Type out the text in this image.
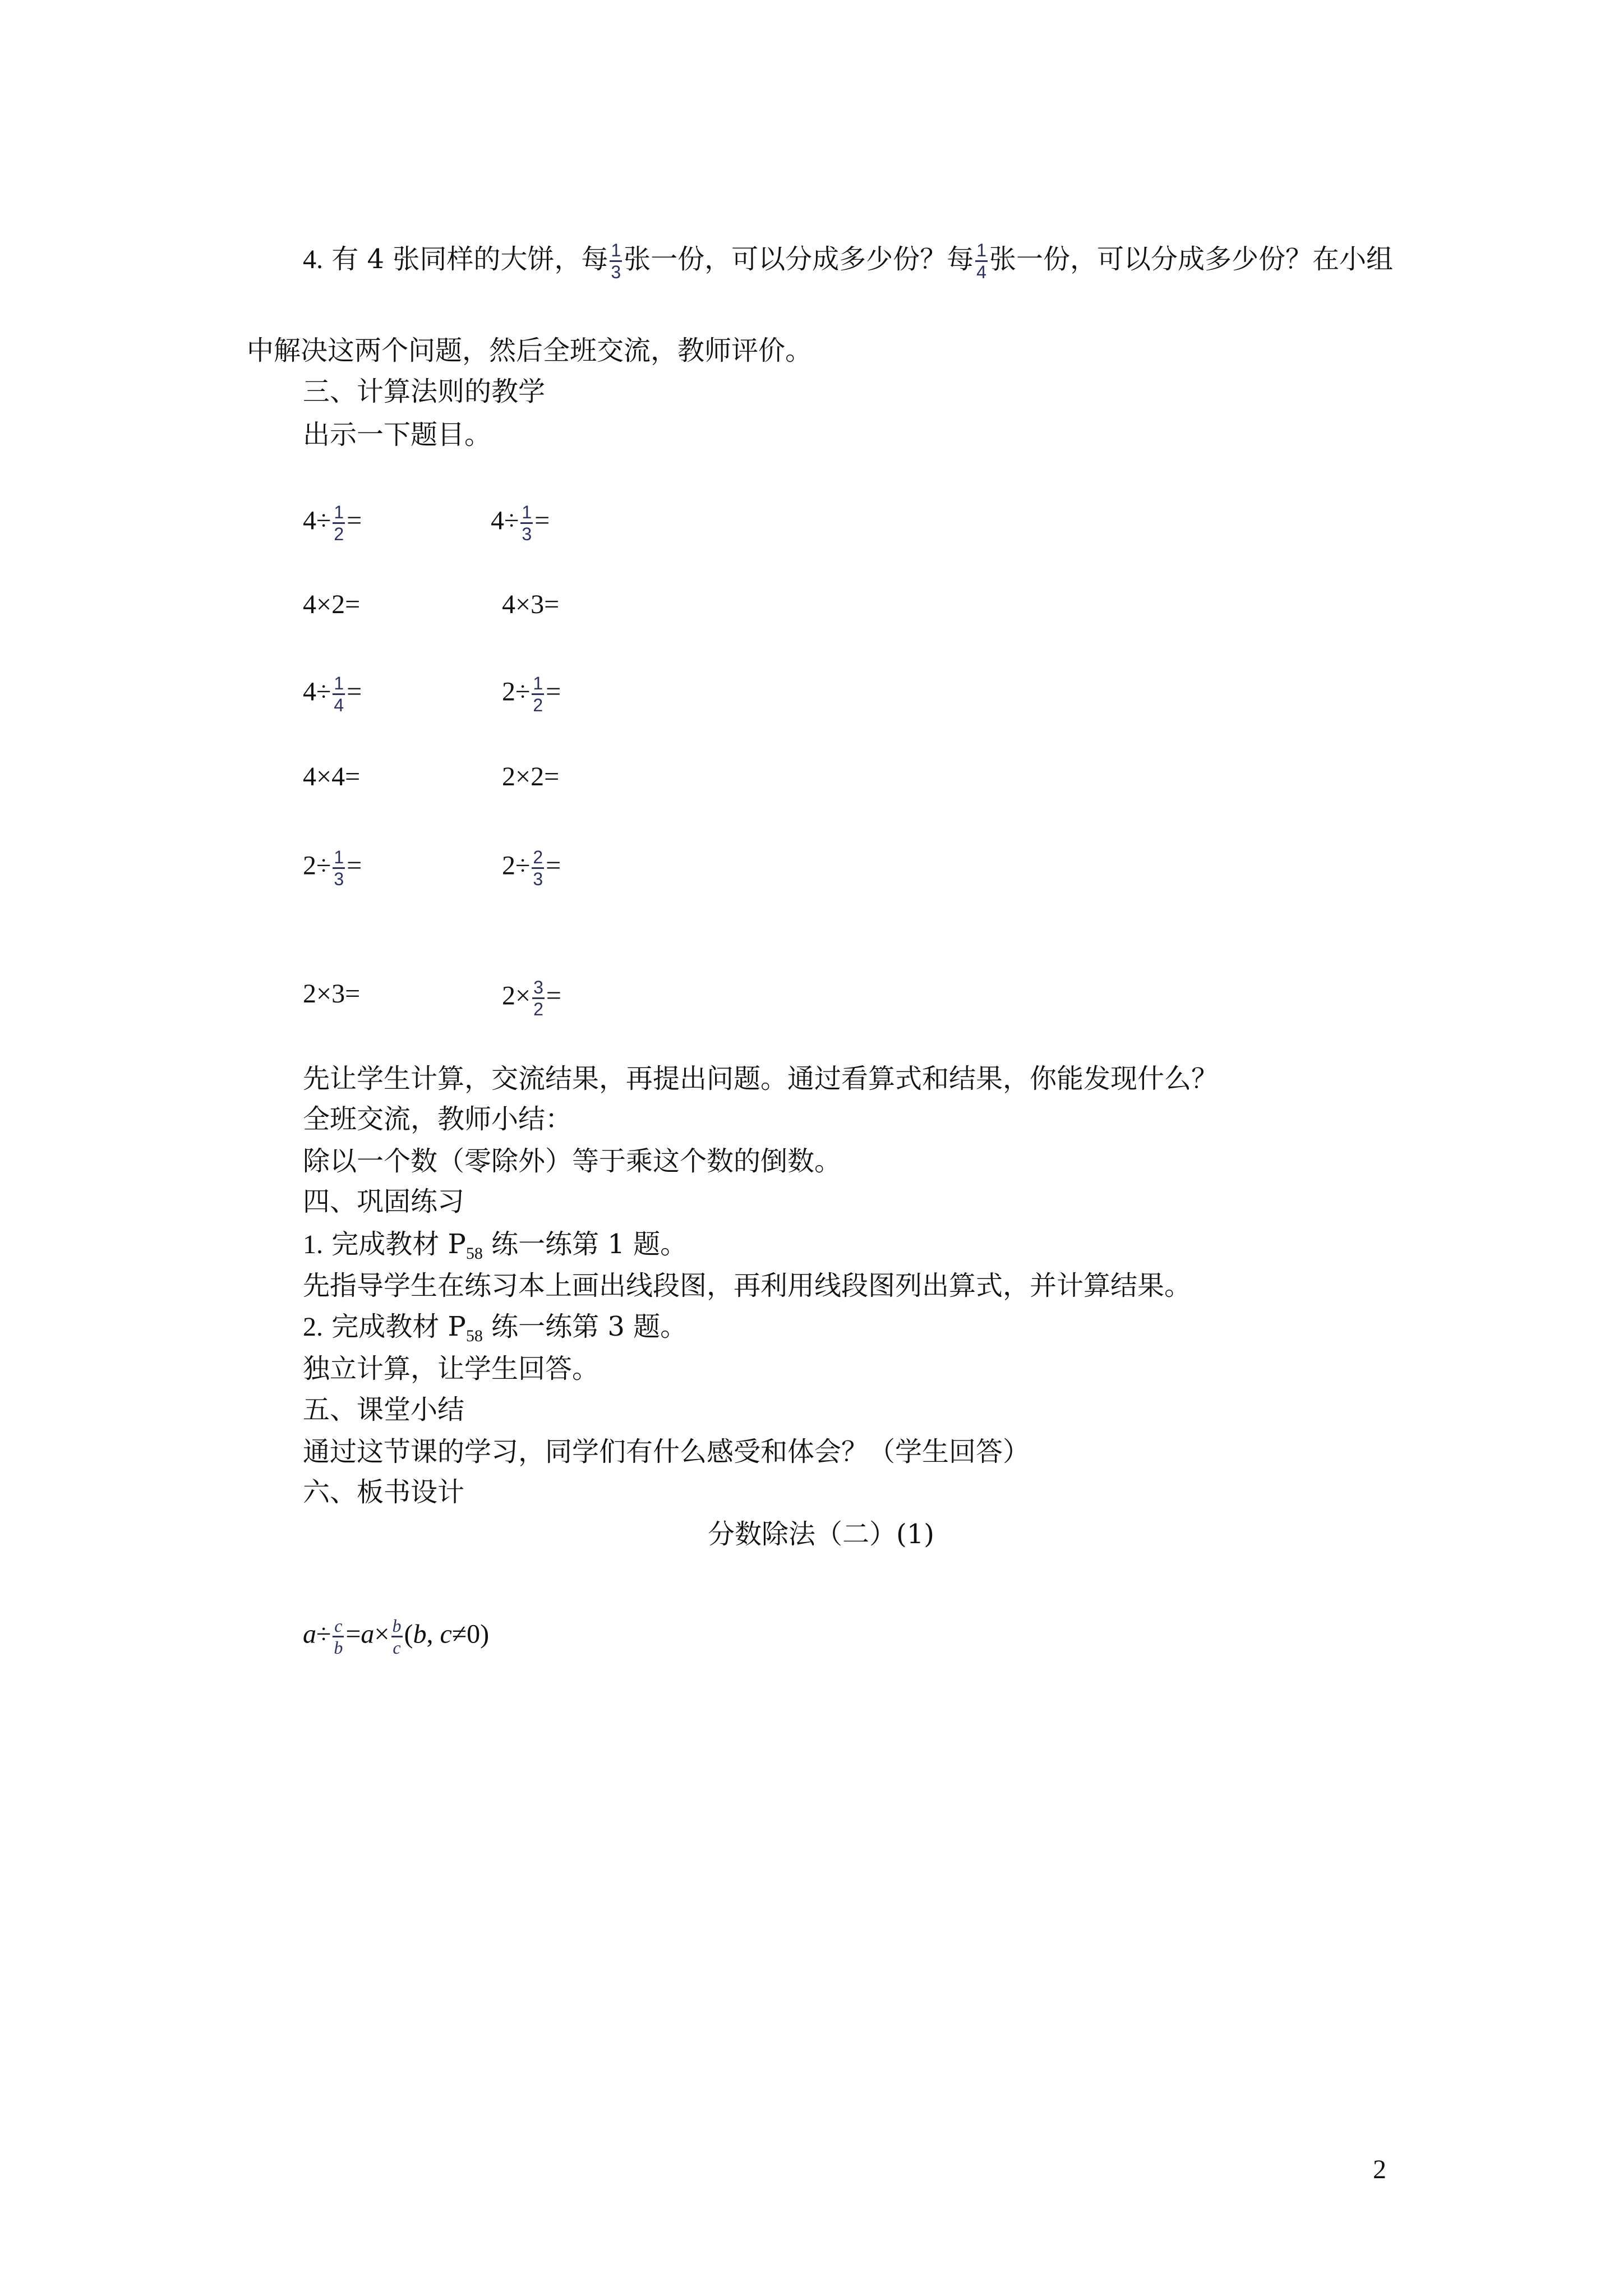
4. 有 4 张同样的大饼，每 $\frac{1}{3}$ 张一份，可以分成多少份？每 $\frac{1}{4}$ 张一份，可以分成多少份？在小组
中解决这两个问题，然后全班交流，教师评价。
三、计算法则的教学
出示一下题目。
$4\div \frac{1}{2}$ =	$4\div \frac{1}{3}$ =
4×2=	4×3=
$4\div \frac{1}{4}$ =	$2\div \frac{1}{2}$ =
4×4=	2×2=
$2\div \frac{1}{3}$ =	$2\div \frac{2}{3}$ =
2×3=	$2\times \frac{3}{2}$ =
先让学生计算，交流结果，再提出问题。通过看算式和结果，你能发现什么？
全班交流，教师小结：
除以一个数（零除外）等于乘这个数的倒数。
四、巩固练习
1. 完成教材 $P_{58}$ 练一练第 1 题。
先指导学生在练习本上画出线段图，再利用线段图列出算式，并计算结果。
2. 完成教材 $P_{58}$ 练一练第 3 题。
独立计算，让学生回答。
五、课堂小结
通过这节课的学习，同学们有什么感受和体会？（学生回答）
六、板书设计
分数除法（二）(1)
$a\div \frac{c}{b} =a\times \frac{b}{c} (b$, c≠0)
2
